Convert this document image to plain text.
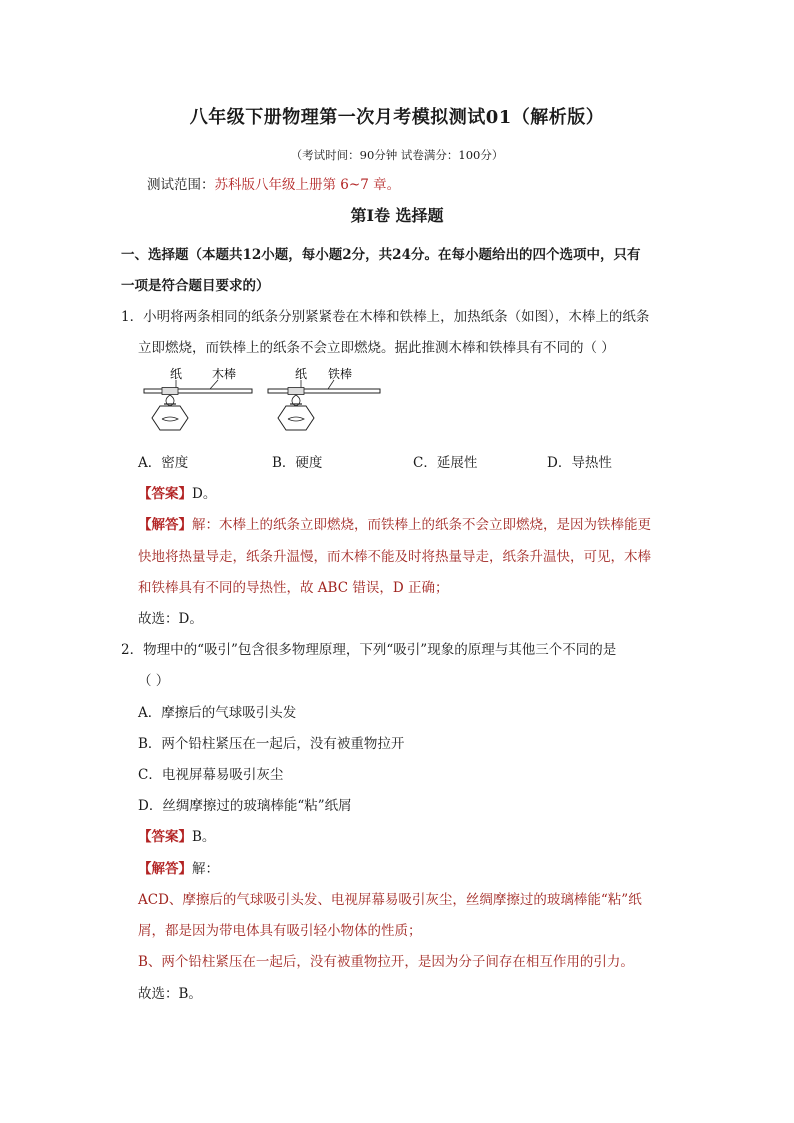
八年级下册物理第一次月考模拟测试01（解析版）
（考试时间：90分钟 试卷满分：100分）
测试范围：苏科版八年级上册第 6~7 章。
第Ⅰ卷 选择题
一、选择题（本题共12小题，每小题2分，共24分。在每小题给出的四个选项中，只有
一项是符合题目要求的）
1．小明将两条相同的纸条分别紧紧卷在木棒和铁棒上，加热纸条（如图），木棒上的纸条
立即燃烧，而铁棒上的纸条不会立即燃烧。据此推测木棒和铁棒具有不同的（ ）
纸 木棒	纸 铁棒
A．密度	B．硬度	C．延展性	D．导热性
【答案】D。
【解答】解：木棒上的纸条立即燃烧，而铁棒上的纸条不会立即燃烧，是因为铁棒能更
快地将热量导走，纸条升温慢，而木棒不能及时将热量导走，纸条升温快，可见，木棒
和铁棒具有不同的导热性，故 ABC 错误，D 正确；
故选：D。
2．物理中的“吸引”包含很多物理原理，下列“吸引”现象的原理与其他三个不同的是
（ ）
A．摩擦后的气球吸引头发
B．两个铅柱紧压在一起后，没有被重物拉开
C．电视屏幕易吸引灰尘
D．丝绸摩擦过的玻璃棒能“粘”纸屑
【答案】B。
【解答】解：
ACD、摩擦后的气球吸引头发、电视屏幕易吸引灰尘，丝绸摩擦过的玻璃棒能“粘”纸
屑，都是因为带电体具有吸引轻小物体的性质；
B、两个铅柱紧压在一起后，没有被重物拉开，是因为分子间存在相互作用的引力。
故选：B。
